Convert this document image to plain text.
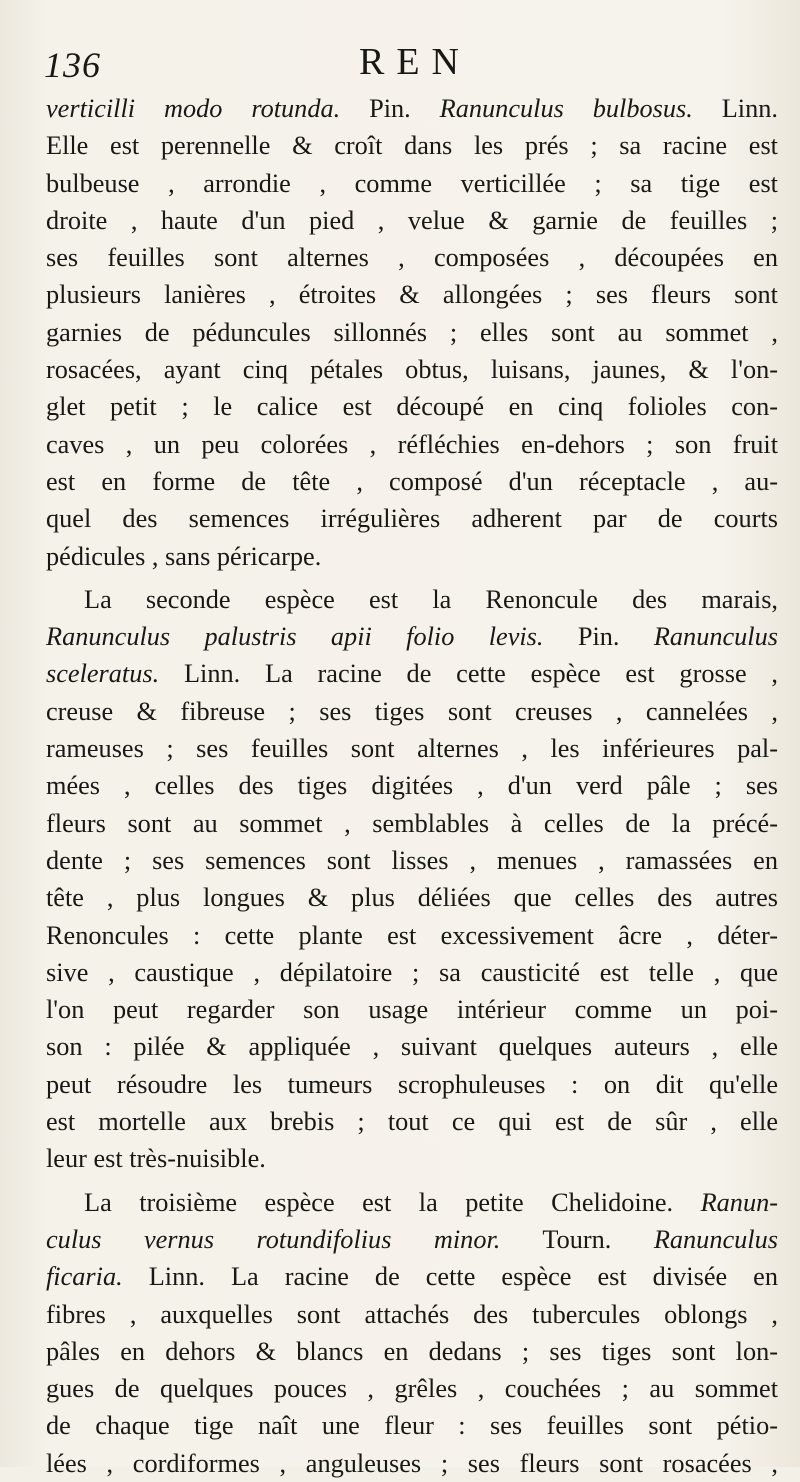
136	REN
verticilli modo rotunda. Pin. Ranunculus bulbosus. Linn.
Elle est perennelle & croît dans les prés ; sa racine est
bulbeuse , arrondie , comme verticillée ; sa tige est
droite , haute d'un pied , velue & garnie de feuilles ;
ses feuilles sont alternes , composées , découpées en
plusieurs lanières , étroites & allongées ; ses fleurs sont
garnies de péduncules sillonnés ; elles sont au sommet ,
rosacées, ayant cinq pétales obtus, luisans, jaunes, & l'on-
glet petit ; le calice est découpé en cinq folioles con-
caves , un peu colorées , réfléchies en-dehors ; son fruit
est en forme de tête , composé d'un réceptacle , au-
quel des semences irrégulières adherent par de courts
pédicules , sans péricarpe.
La seconde espèce est la Renoncule des marais,
Ranunculus palustris apii folio levis. Pin. Ranunculus
sceleratus. Linn. La racine de cette espèce est grosse ,
creuse & fibreuse ; ses tiges sont creuses , cannelées ,
rameuses ; ses feuilles sont alternes , les inférieures pal-
mées , celles des tiges digitées , d'un verd pâle ; ses
fleurs sont au sommet , semblables à celles de la précé-
dente ; ses semences sont lisses , menues , ramassées en
tête , plus longues & plus déliées que celles des autres
Renoncules : cette plante est excessivement âcre , déter-
sive , caustique , dépilatoire ; sa causticité est telle , que
l'on peut regarder son usage intérieur comme un poi-
son : pilée & appliquée , suivant quelques auteurs , elle
peut résoudre les tumeurs scrophuleuses : on dit qu'elle
est mortelle aux brebis ; tout ce qui est de sûr , elle
leur est très-nuisible.
La troisième espèce est la petite Chelidoine. Ranun-
culus vernus rotundifolius minor. Tourn. Ranunculus
ficaria. Linn. La racine de cette espèce est divisée en
fibres , auxquelles sont attachés des tubercules oblongs ,
pâles en dehors & blancs en dedans ; ses tiges sont lon-
gues de quelques pouces , grêles , couchées ; au sommet
de chaque tige naît une fleur : ses feuilles sont pétio-
lées , cordiformes , anguleuses ; ses fleurs sont rosacées ,
